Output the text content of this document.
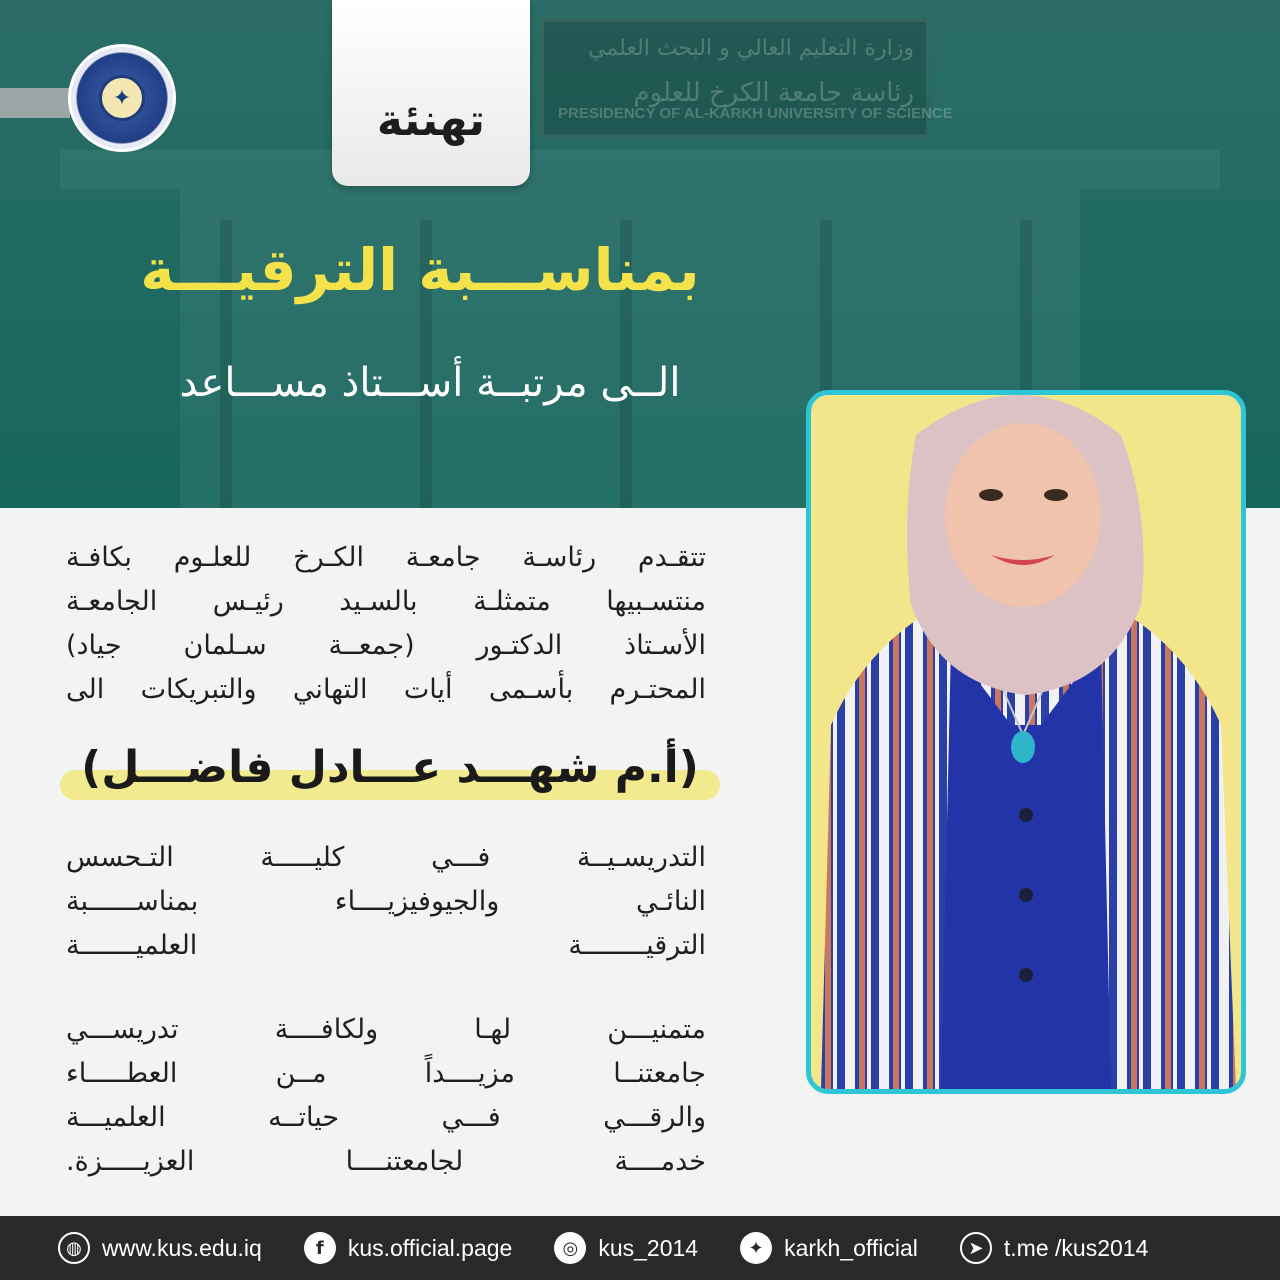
وزارة التعليم العالي و البحث العلمي
رئاسة جامعة الكرخ للعلوم
PRESIDENCY OF AL-KARKH UNIVERSITY OF SCIENCE
✦	تهنئة
بمناســـبة الترقيـــة
الــى مرتبــة أســـتاذ مســـاعد

تتقـدم رئاسـة جامعـة الكـرخ للعلـوم بكافـة

منتسـبيها متمثلـة بالسـيد رئيـس الجامعـة

الأسـتاذ الدكتـور (جمعــة سـلمان جياد)

المحتـرم بأسـمى أيات التهاني والتبريكات الى

(أ.م شهـــد عـــادل فاضـــل)

التدريسـيــة فـــي كليـــــة التـحسس

النائـي والجيوفيزيــــاء بمناســــــبة

الترقيــــــــة العلميـــــــة

متمنيـــن لهـا ولكافــــة تدريســـي

جامعتنــا مزيــــداً مــن العطـــــاء

والرقـــي فـــي حياتــه العلميـــة

خدمــــة لجامعتنــــا العزيـــــزة.

◍ www.kus.edu.iq	f	kus.official.page	◎ kus_2014	✦ karkh_official	➤ t.me /kus2014
